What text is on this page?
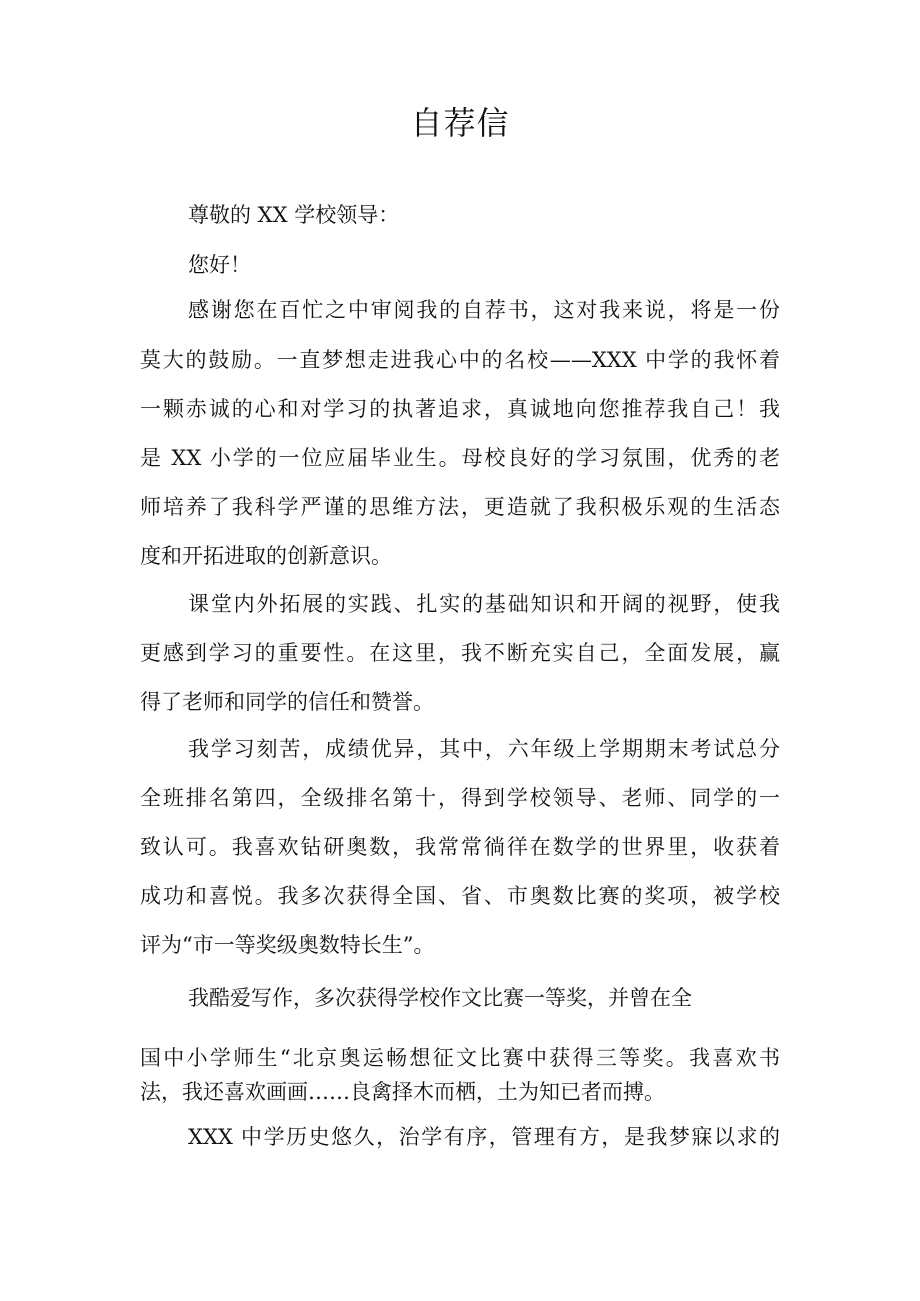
自荐信
尊敬的 XX 学校领导：
您好！
感谢您在百忙之中审阅我的自荐书，这对我来说，将是一份
莫大的鼓励。一直梦想走进我心中的名校——XXX 中学的我怀着
一颗赤诚的心和对学习的执著追求，真诚地向您推荐我自己！我
是 XX 小学的一位应届毕业生。母校良好的学习氛围，优秀的老
师培养了我科学严谨的思维方法，更造就了我积极乐观的生活态
度和开拓进取的创新意识。
课堂内外拓展的实践、扎实的基础知识和开阔的视野，使我
更感到学习的重要性。在这里，我不断充实自己，全面发展，赢
得了老师和同学的信任和赞誉。
我学习刻苦，成绩优异，其中，六年级上学期期末考试总分
全班排名第四，全级排名第十，得到学校领导、老师、同学的一
致认可。我喜欢钻研奥数，我常常徜徉在数学的世界里，收获着
成功和喜悦。我多次获得全国、省、市奥数比赛的奖项，被学校
评为“市一等奖级奥数特长生”。
我酷爱写作，多次获得学校作文比赛一等奖，并曾在全
国中小学师生“北京奥运畅想征文比赛中获得三等奖。我喜欢书
法，我还喜欢画画……良禽择木而栖，土为知已者而搏。
XXX 中学历史悠久，治学有序，管理有方，是我梦寐以求的
